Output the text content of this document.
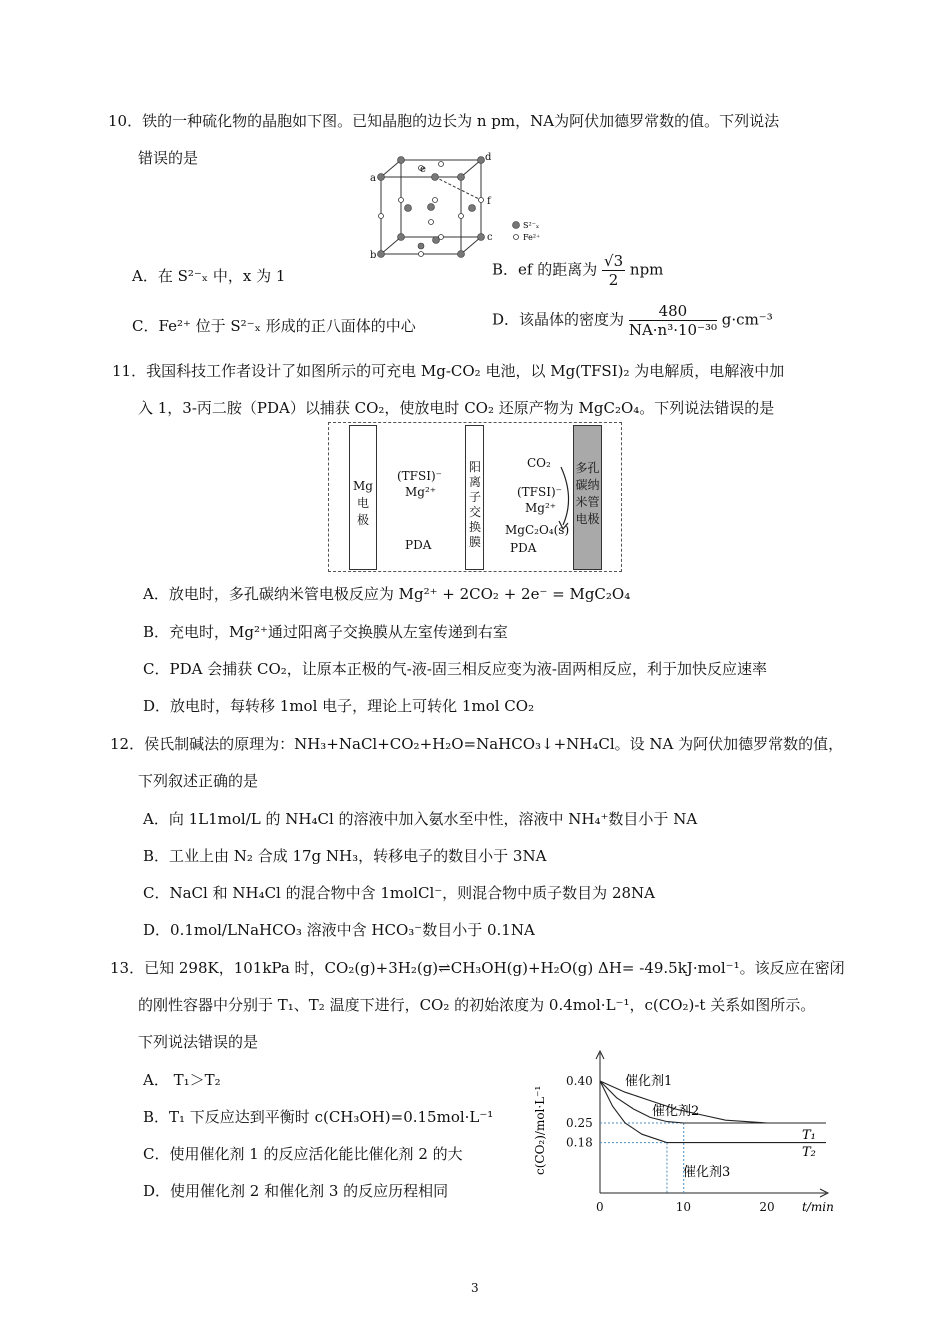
10．铁的一种硫化物的晶胞如下图。已知晶胞的边长为 n pm，NA为阿伏加德罗常数的值。下列说法
错误的是
a
b
c
d
e
f
S²⁻ₓ
Fe²⁺
A．在 S²⁻ₓ 中，x 为 1	B．ef 的距离为 $\frac{√3}{2}$ npm
C．Fe²⁺ 位于 S²⁻ₓ 形成的正八面体的中心	D．该晶体的密度为 $\frac{480}{\text{NA·n³·10⁻³⁰}} g\cdot cm^{-3}$
11．我国科技工作者设计了如图所示的可充电 Mg-CO₂ 电池，以 Mg(TFSI)₂ 为电解质，电解液中加
入 1，3-丙二胺（PDA）以捕获 CO₂，使放电时 CO₂ 还原产物为 MgC₂O₄。下列说法错误的是
Mg
电
极
(TFSI)⁻
Mg²⁺
PDA
阳
离
子
交
换
膜
CO₂
(TFSI)⁻
Mg²⁺
MgC₂O₄(s)
PDA
多孔
碳纳
米管
电极
A．放电时，多孔碳纳米管电极反应为 Mg²⁺ + 2CO₂ + 2e⁻ = MgC₂O₄
B．充电时，Mg²⁺通过阳离子交换膜从左室传递到右室
C．PDA 会捕获 CO₂，让原本正极的气-液-固三相反应变为液-固两相反应，利于加快反应速率
D．放电时，每转移 1mol 电子，理论上可转化 1mol CO₂
12．侯氏制碱法的原理为：NH₃+NaCl+CO₂+H₂O=NaHCO₃↓+NH₄Cl。设 NA 为阿伏加德罗常数的值，
下列叙述正确的是
A．向 1L1mol/L 的 NH₄Cl 的溶液中加入氨水至中性，溶液中 NH₄⁺数目小于 NA
B．工业上由 N₂ 合成 17g NH₃，转移电子的数目小于 3NA
C．NaCl 和 NH₄Cl 的混合物中含 1molCl⁻，则混合物中质子数目为 28NA
D．0.1mol/LNaHCO₃ 溶液中含 HCO₃⁻数目小于 0.1NA
13．已知 298K，101kPa 时，CO₂(g)+3H₂(g)⇌CH₃OH(g)+H₂O(g) ΔH= -49.5kJ·mol⁻¹。该反应在密闭
的刚性容器中分别于 T₁、T₂ 温度下进行，CO₂ 的初始浓度为 0.4mol·L⁻¹，c(CO₂)-t 关系如图所示。
下列说法错误的是
A． T₁＞T₂
B．T₁ 下反应达到平衡时 c(CH₃OH)=0.15mol·L⁻¹
C．使用催化剂 1 的反应活化能比催化剂 2 的大
D．使用催化剂 2 和催化剂 3 的反应历程相同
0.40
0.25
0.18
0	10	20
c(CO₂)/mol·L⁻¹
t/min
催化剂1
催化剂2
催化剂3
T₁
T₂
3
